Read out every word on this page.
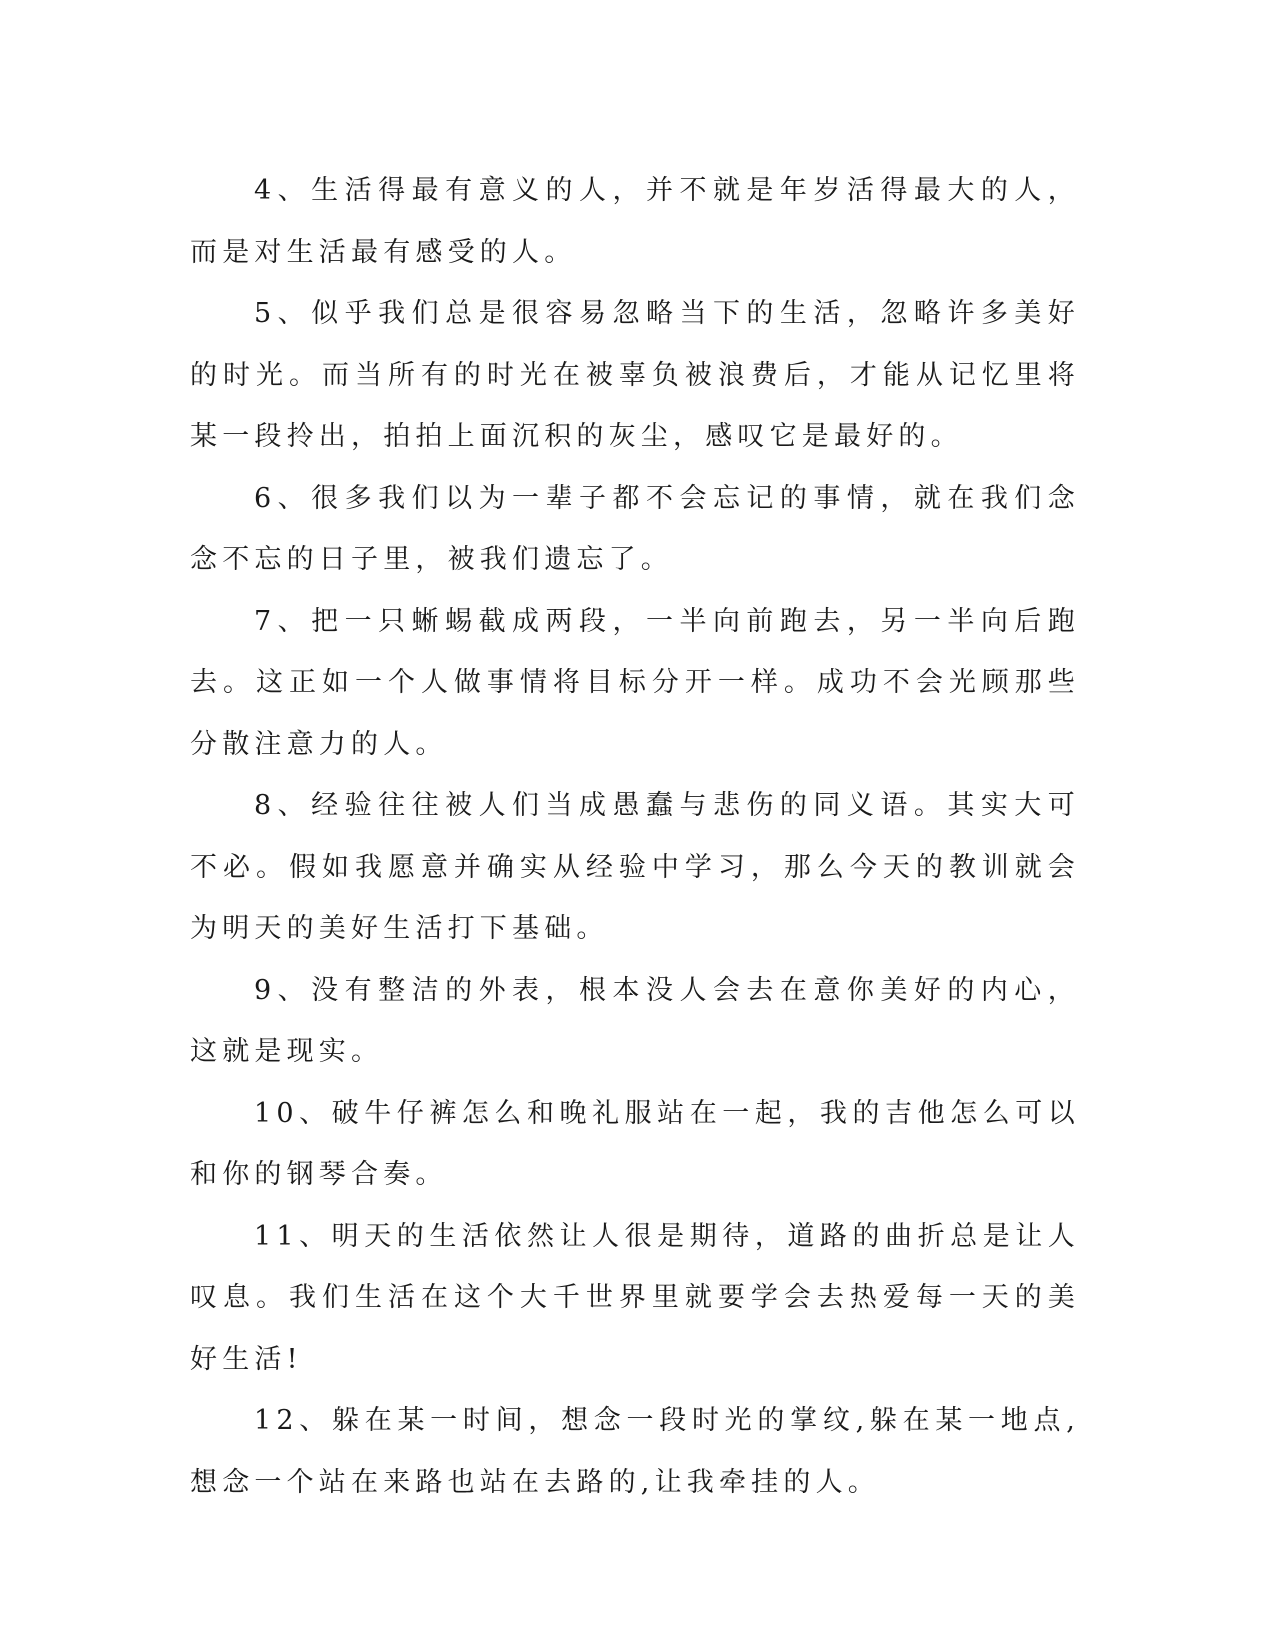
4、生活得最有意义的人，并不就是年岁活得最大的人，而是对生活最有感受的人。

5、似乎我们总是很容易忽略当下的生活，忽略许多美好的时光。而当所有的时光在被辜负被浪费后，才能从记忆里将某一段拎出，拍拍上面沉积的灰尘，感叹它是最好的。

6、很多我们以为一辈子都不会忘记的事情，就在我们念念不忘的日子里，被我们遗忘了。

7、把一只蜥蜴截成两段，一半向前跑去，另一半向后跑去。这正如一个人做事情将目标分开一样。成功不会光顾那些分散注意力的人。

8、经验往往被人们当成愚蠢与悲伤的同义语。其实大可不必。假如我愿意并确实从经验中学习，那么今天的教训就会为明天的美好生活打下基础。

9、没有整洁的外表，根本没人会去在意你美好的内心，这就是现实。

10、破牛仔裤怎么和晚礼服站在一起，我的吉他怎么可以和你的钢琴合奏。

11、明天的生活依然让人很是期待，道路的曲折总是让人叹息。我们生活在这个大千世界里就要学会去热爱每一天的美好生活!

12、躲在某一时间，想念一段时光的掌纹,躲在某一地点,想念一个站在来路也站在去路的,让我牵挂的人。
